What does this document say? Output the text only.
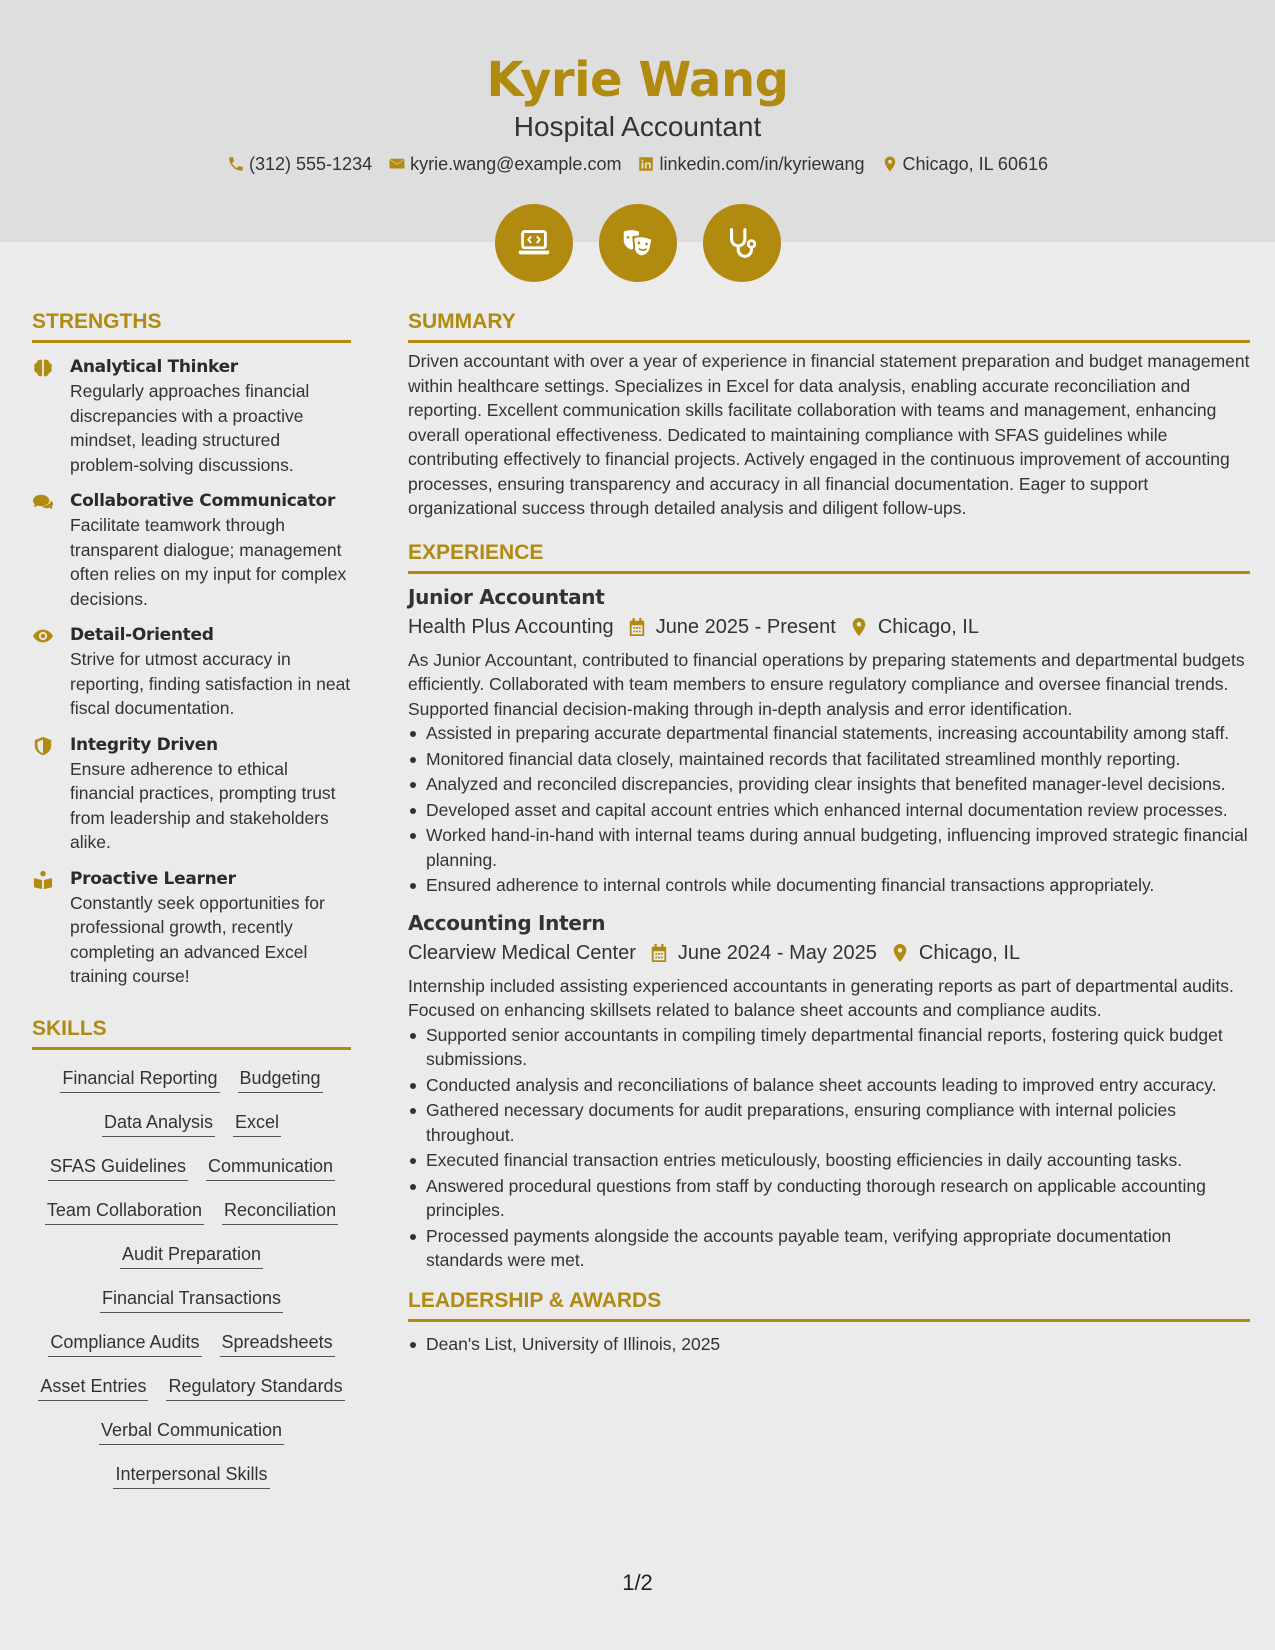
Kyrie Wang
Hospital Accountant
(312) 555-1234 kyrie.wang@example.com linkedin.com/in/kyriewang Chicago, IL 60616
STRENGTHS
Analytical Thinker
Regularly approaches financial discrepancies with a proactive mindset, leading structured problem-solving discussions.
Collaborative Communicator
Facilitate teamwork through transparent dialogue; management often relies on my input for complex decisions.
Detail-Oriented
Strive for utmost accuracy in reporting, finding satisfaction in neat fiscal documentation.
Integrity Driven
Ensure adherence to ethical financial practices, prompting trust from leadership and stakeholders alike.
Proactive Learner
Constantly seek opportunities for professional growth, recently completing an advanced Excel training course!
SKILLS
Financial Reporting Budgeting
Data Analysis Excel
SFAS Guidelines Communication
Team Collaboration Reconciliation
Audit Preparation
Financial Transactions
Compliance Audits Spreadsheets
Asset Entries Regulatory Standards
Verbal Communication
Interpersonal Skills
SUMMARY
Driven accountant with over a year of experience in financial statement preparation and budget management within healthcare settings. Specializes in Excel for data analysis, enabling accurate reconciliation and reporting. Excellent communication skills facilitate collaboration with teams and management, enhancing overall operational effectiveness. Dedicated to maintaining compliance with SFAS guidelines while contributing effectively to financial projects. Actively engaged in the continuous improvement of accounting processes, ensuring transparency and accuracy in all financial documentation. Eager to support organizational success through detailed analysis and diligent follow-ups.
EXPERIENCE
Junior Accountant
Health Plus Accounting June 2025 - Present Chicago, IL
As Junior Accountant, contributed to financial operations by preparing statements and departmental budgets efficiently. Collaborated with team members to ensure regulatory compliance and oversee financial trends. Supported financial decision-making through in-depth analysis and error identification.
Assisted in preparing accurate departmental financial statements, increasing accountability among staff.
Monitored financial data closely, maintained records that facilitated streamlined monthly reporting.
Analyzed and reconciled discrepancies, providing clear insights that benefited manager-level decisions.
Developed asset and capital account entries which enhanced internal documentation review processes.
Worked hand-in-hand with internal teams during annual budgeting, influencing improved strategic financial planning.
Ensured adherence to internal controls while documenting financial transactions appropriately.
Accounting Intern
Clearview Medical Center June 2024 - May 2025 Chicago, IL
Internship included assisting experienced accountants in generating reports as part of departmental audits. Focused on enhancing skillsets related to balance sheet accounts and compliance audits.
Supported senior accountants in compiling timely departmental financial reports, fostering quick budget submissions.
Conducted analysis and reconciliations of balance sheet accounts leading to improved entry accuracy.
Gathered necessary documents for audit preparations, ensuring compliance with internal policies throughout.
Executed financial transaction entries meticulously, boosting efficiencies in daily accounting tasks.
Answered procedural questions from staff by conducting thorough research on applicable accounting principles.
Processed payments alongside the accounts payable team, verifying appropriate documentation standards were met.
LEADERSHIP & AWARDS
Dean's List, University of Illinois, 2025
1/2
